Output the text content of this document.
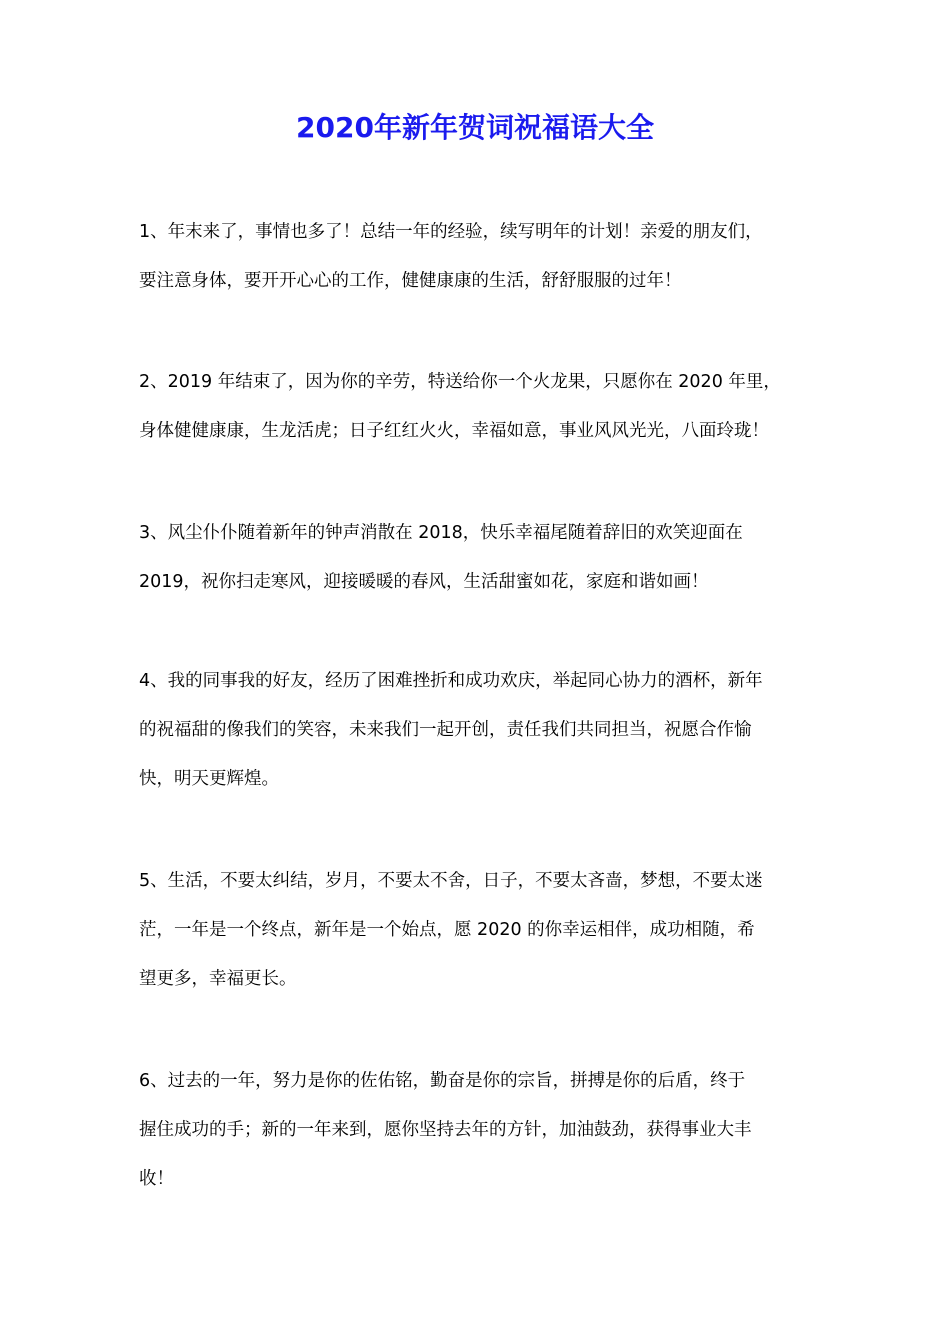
2020年新年贺词祝福语大全

1、年末来了，事情也多了！总结一年的经验，续写明年的计划！亲爱的朋友们，
要注意身体，要开开心心的工作，健健康康的生活，舒舒服服的过年！

2、2019 年结束了，因为你的辛劳，特送给你一个火龙果，只愿你在 2020 年里，
身体健健康康，生龙活虎；日子红红火火，幸福如意，事业风风光光，八面玲珑！

3、风尘仆仆随着新年的钟声消散在 2018，快乐幸福尾随着辞旧的欢笑迎面在
2019，祝你扫走寒风，迎接暖暖的春风，生活甜蜜如花，家庭和谐如画！

4、我的同事我的好友，经历了困难挫折和成功欢庆，举起同心协力的酒杯，新年
的祝福甜的像我们的笑容，未来我们一起开创，责任我们共同担当，祝愿合作愉
快，明天更辉煌。

5、生活，不要太纠结，岁月，不要太不舍，日子，不要太吝啬，梦想，不要太迷
茫，一年是一个终点，新年是一个始点，愿 2020 的你幸运相伴，成功相随，希
望更多，幸福更长。

6、过去的一年，努力是你的佐佑铭，勤奋是你的宗旨，拼搏是你的后盾，终于
握住成功的手；新的一年来到，愿你坚持去年的方针，加油鼓劲，获得事业大丰
收！
